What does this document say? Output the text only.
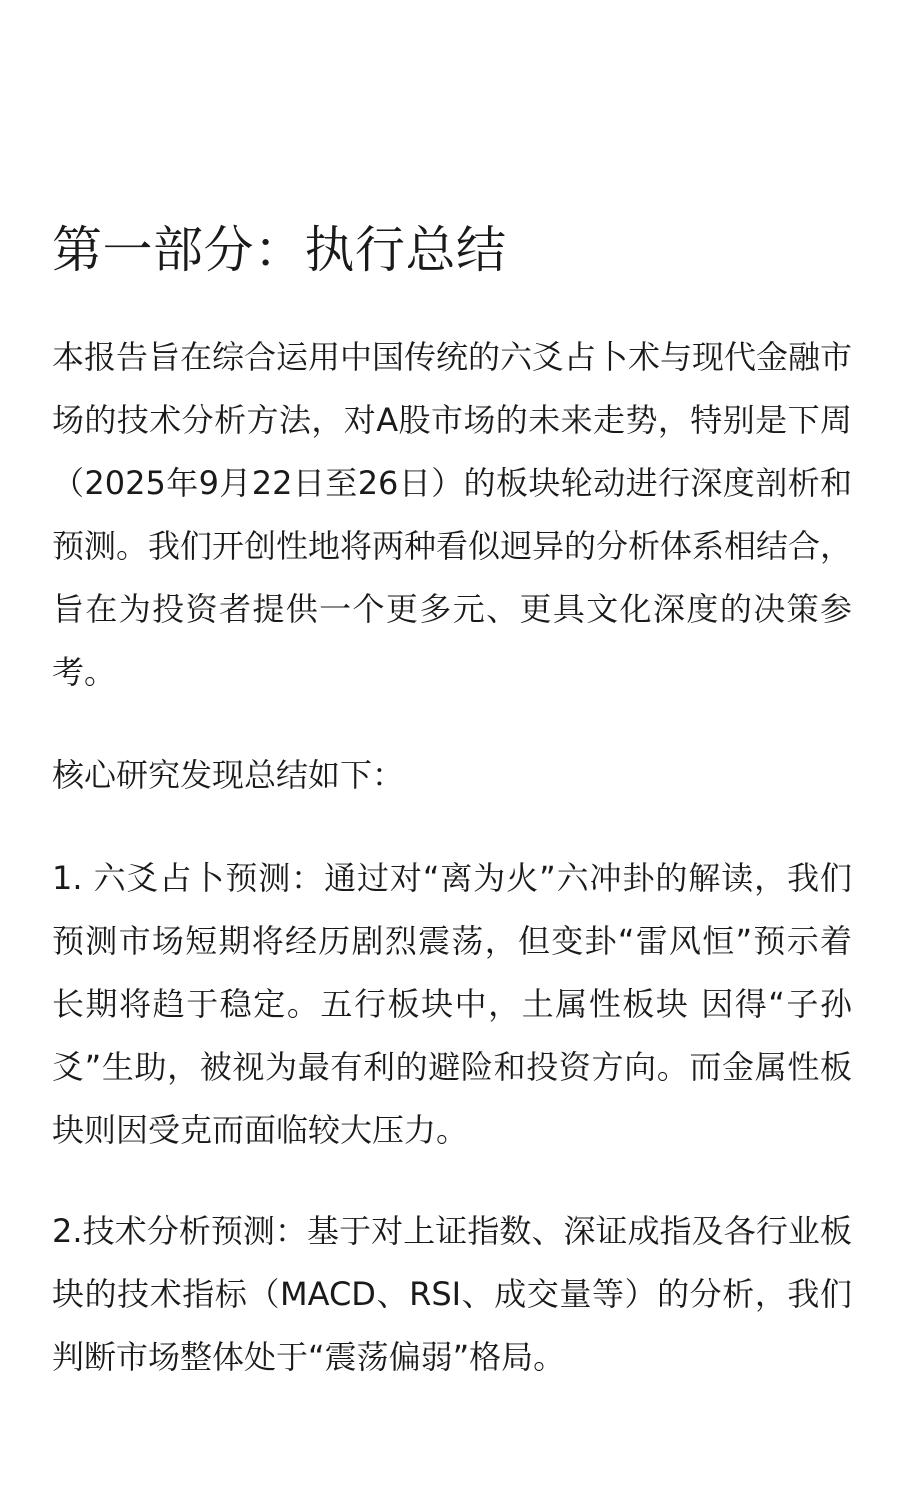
第一部分：执行总结

本报告旨在综合运用中国传统的六爻占卜术与现代金融市场的技术分析方法，对A股市场的未来走势，特别是下周（2025年9月22日至26日）的板块轮动进行深度剖析和预测。我们开创性地将两种看似迥异的分析体系相结合，旨在为投资者提供一个更多元、更具文化深度的决策参考。

核心研究发现总结如下：

1. 六爻占卜预测：通过对“离为火”六冲卦的解读，我们预测市场短期将经历剧烈震荡，但变卦“雷风恒”预示着长期将趋于稳定。五行板块中，土属性板块 因得“子孙爻”生助，被视为最有利的避险和投资方向。而金属性板块则因受克而面临较大压力。

2.技术分析预测：基于对上证指数、深证成指及各行业板块的技术指标（MACD、RSI、成交量等）的分析，我们判断市场整体处于“震荡偏弱”格局。
